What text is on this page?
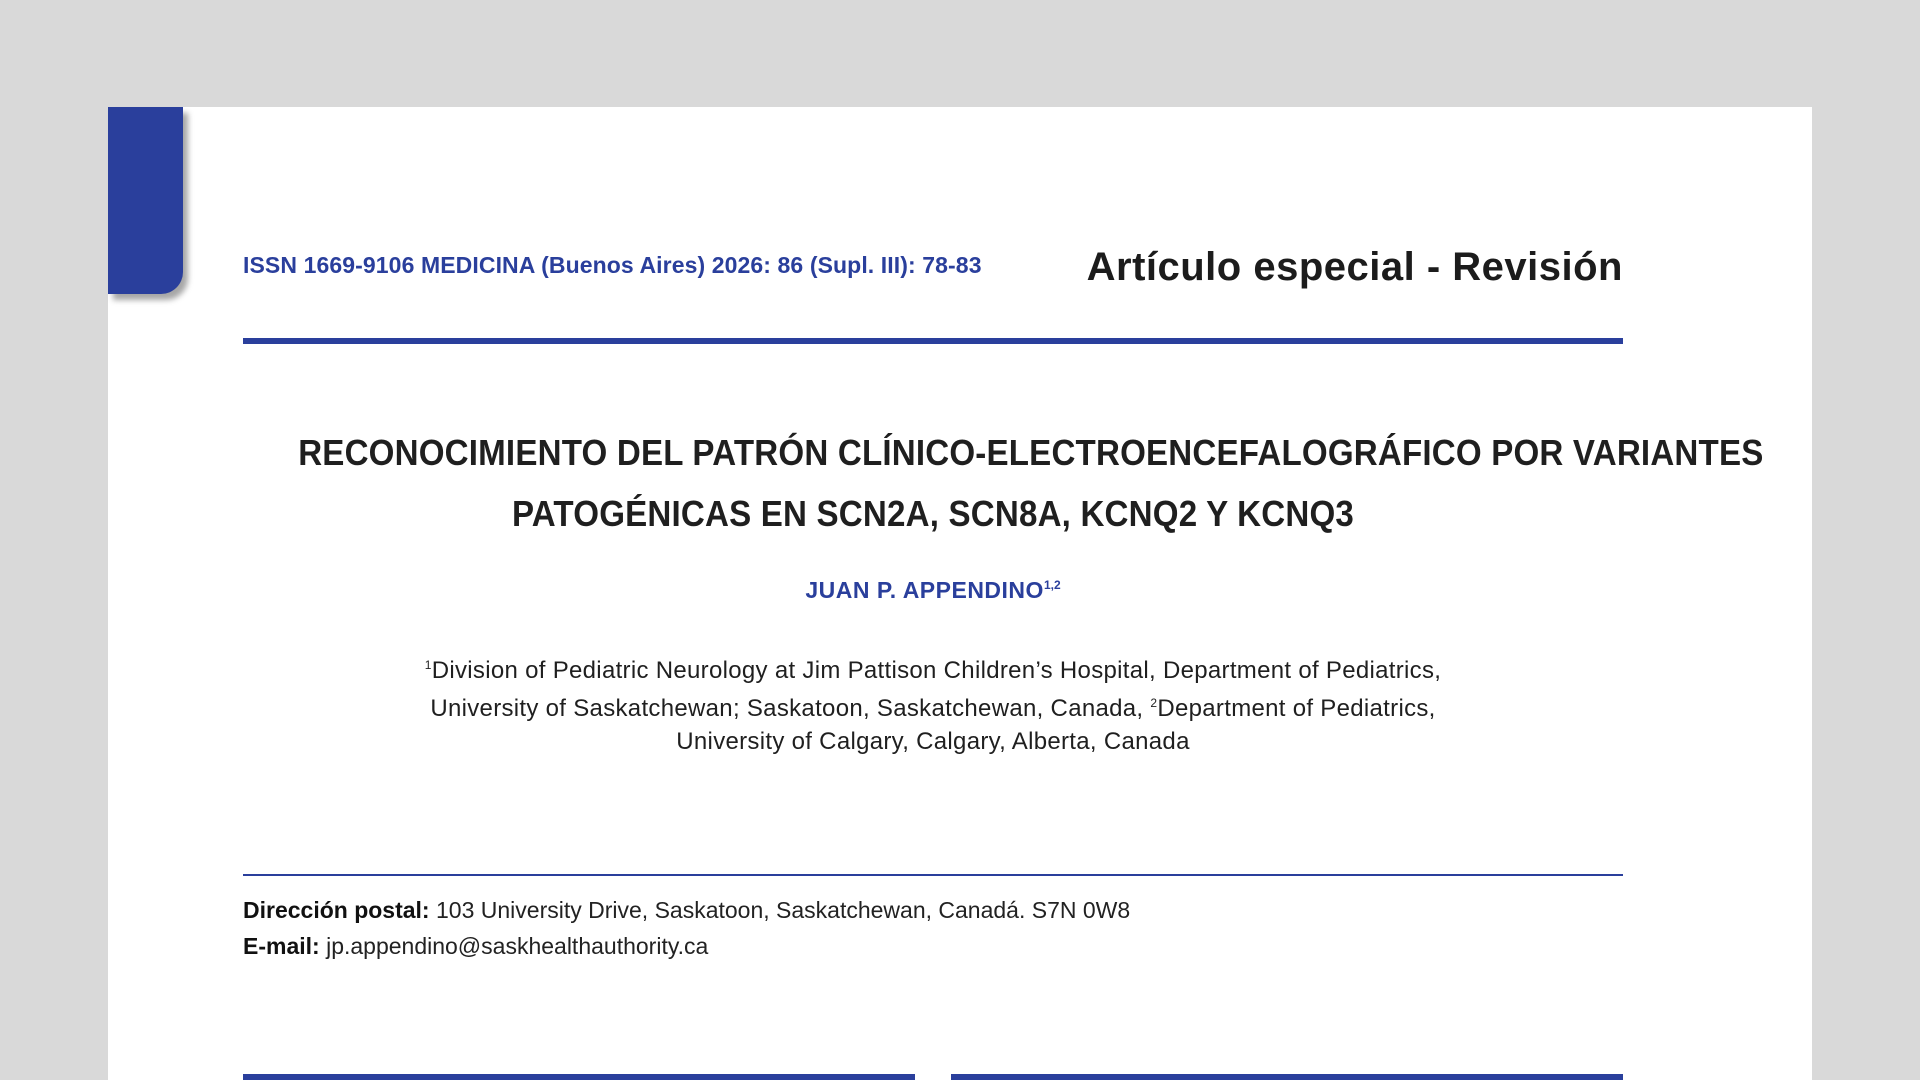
ISSN 1669-9106 MEDICINA (Buenos Aires) 2026: 86 (Supl. III): 78-83	Artículo especial - Revisión
RECONOCIMIENTO DEL PATRÓN CLÍNICO-ELECTROENCEFALOGRÁFICO POR VARIANTES
PATOGÉNICAS EN SCN2A, SCN8A, KCNQ2 Y KCNQ3
JUAN P. APPENDINO$^{1,2}$
$^1$Division of Pediatric Neurology at Jim Pattison Children’s Hospital, Department of Pediatrics,
University of Saskatchewan; Saskatoon, Saskatchewan, Canada, $^2$Department of Pediatrics,
University of Calgary, Calgary, Alberta, Canada
Dirección postal: 103 University Drive, Saskatoon, Saskatchewan, Canadá. S7N 0W8
E-mail: jp.appendino@saskhealthauthority.ca
